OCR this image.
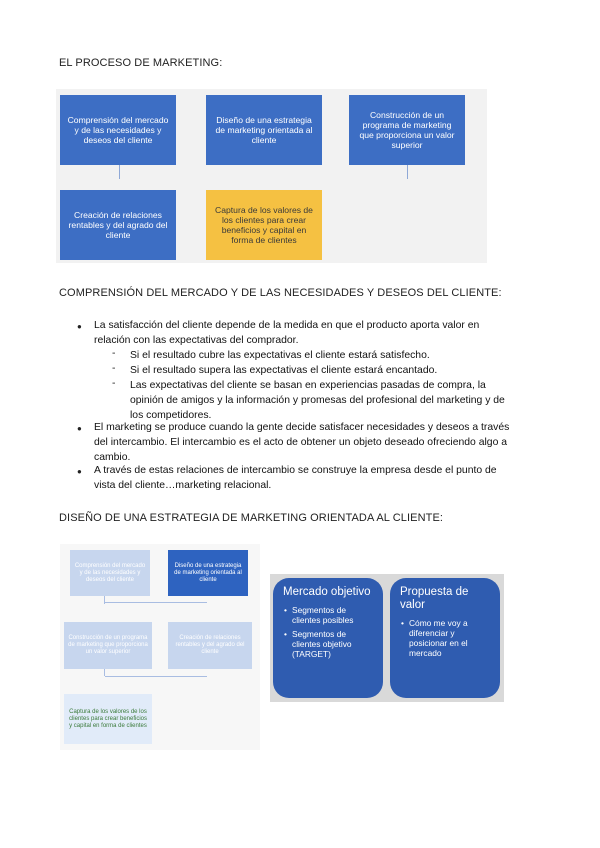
EL PROCESO DE MARKETING:
Comprensión del mercado y de las necesidades y deseos del cliente
Diseño de una estrategia de marketing orientada al cliente
Construcción de un programa de marketing que proporciona un valor superior
Creación de relaciones rentables y del agrado del cliente
Captura de los valores de los clientes para crear beneficios y capital en forma de clientes
COMPRENSIÓN DEL MERCADO Y DE LAS NECESIDADES Y DESEOS DEL CLIENTE:
● La satisfacción del cliente depende de la medida en que el producto aporta valor en
relación con las expectativas del comprador.
- Si el resultado cubre las expectativas el cliente estará satisfecho.
- Si el resultado supera las expectativas el cliente estará encantado.
- Las expectativas del cliente se basan en experiencias pasadas de compra, la
opinión de amigos y la información y promesas del profesional del marketing y de
los competidores.
● El marketing se produce cuando la gente decide satisfacer necesidades y deseos a través
del intercambio. El intercambio es el acto de obtener un objeto deseado ofreciendo algo a
cambio.
● A través de estas relaciones de intercambio se construye la empresa desde el punto de
vista del cliente…marketing relacional.
DISEÑO DE UNA ESTRATEGIA DE MARKETING ORIENTADA AL CLIENTE:
Comprensión del mercado y de las necesidades y deseos del cliente
Diseño de una estrategia de marketing orientada al cliente
Construcción de un programa de marketing que proporciona un valor superior
Creación de relaciones rentables y del agrado del cliente
Captura de los valores de los clientes para crear beneficios y capital en forma de clientes
Mercado objetivo
• Segmentos de clientes posibles
• Segmentos de clientes objetivo (TARGET)
Propuesta de valor
• Cómo me voy a diferenciar y posicionar en el mercado
